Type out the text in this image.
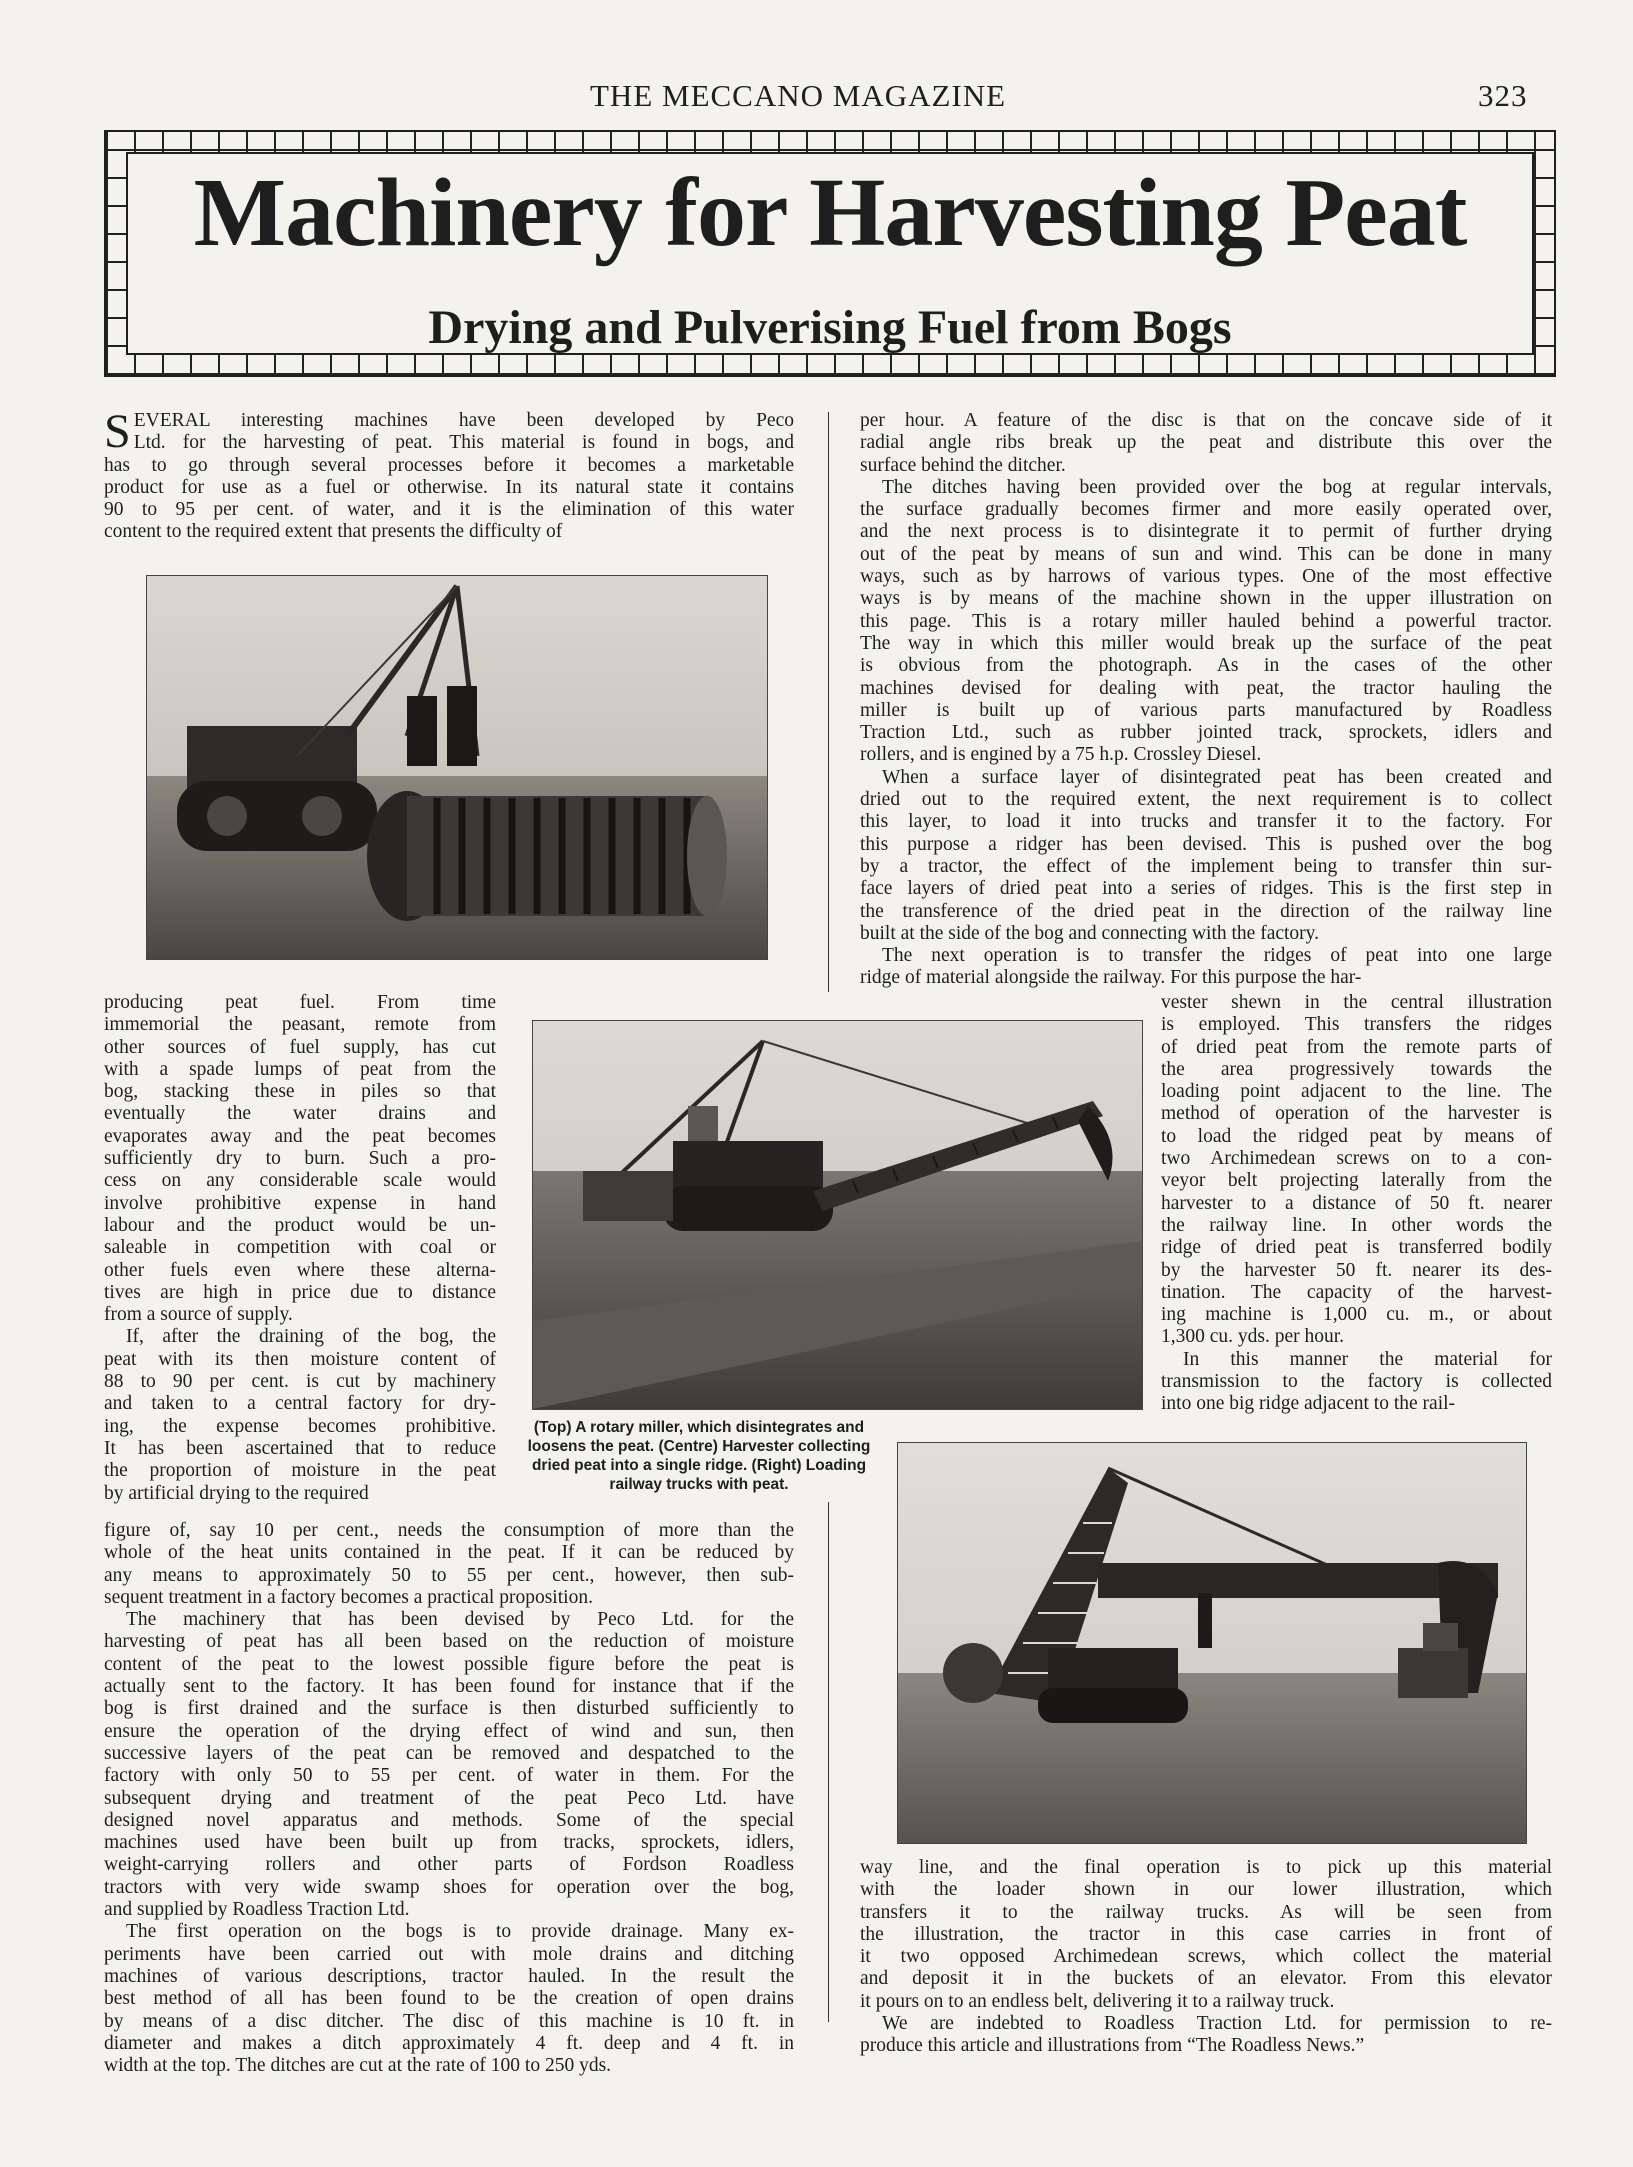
THE MECCANO MAGAZINE	323
Machinery for Harvesting Peat
Drying and Pulverising Fuel from Bogs
S EVERAL interesting machines have been developed by Peco
Ltd. for the harvesting of peat. This material is found in bogs, and
has to go through several processes before it becomes a marketable
product for use as a fuel or otherwise. In its natural state it contains
90 to 95 per cent. of water, and it is the elimination of this water
content to the required extent that presents the difficulty of
producing peat fuel. From time
immemorial the peasant, remote from
other sources of fuel supply, has cut
with a spade lumps of peat from the
bog, stacking these in piles so that
eventually the water drains and
evaporates away and the peat becomes
sufficiently dry to burn. Such a pro-
cess on any considerable scale would
involve prohibitive expense in hand
labour and the product would be un-
saleable in competition with coal or
other fuels even where these alterna-
tives are high in price due to distance
from a source of supply.
If, after the draining of the bog, the
peat with its then moisture content of
88 to 90 per cent. is cut by machinery
and taken to a central factory for dry-
ing, the expense becomes prohibitive.
It has been ascertained that to reduce
the proportion of moisture in the peat
by artificial drying to the required
(Top) A rotary miller, which disintegrates and loosens the peat. (Centre) Harvester collecting dried peat into a single ridge. (Right) Loading railway trucks with peat.
figure of, say 10 per cent., needs the consumption of more than the
whole of the heat units contained in the peat. If it can be reduced by
any means to approximately 50 to 55 per cent., however, then sub-
sequent treatment in a factory becomes a practical proposition.
The machinery that has been devised by Peco Ltd. for the
harvesting of peat has all been based on the reduction of moisture
content of the peat to the lowest possible figure before the peat is
actually sent to the factory. It has been found for instance that if the
bog is first drained and the surface is then disturbed sufficiently to
ensure the operation of the drying effect of wind and sun, then
successive layers of the peat can be removed and despatched to the
factory with only 50 to 55 per cent. of water in them. For the
subsequent drying and treatment of the peat Peco Ltd. have
designed novel apparatus and methods. Some of the special
machines used have been built up from tracks, sprockets, idlers,
weight-carrying rollers and other parts of Fordson Roadless
tractors with very wide swamp shoes for operation over the bog,
and supplied by Roadless Traction Ltd.
The first operation on the bogs is to provide drainage. Many ex-
periments have been carried out with mole drains and ditching
machines of various descriptions, tractor hauled. In the result the
best method of all has been found to be the creation of open drains
by means of a disc ditcher. The disc of this machine is 10 ft. in
diameter and makes a ditch approximately 4 ft. deep and 4 ft. in
width at the top. The ditches are cut at the rate of 100 to 250 yds.
per hour. A feature of the disc is that on the concave side of it
radial angle ribs break up the peat and distribute this over the
surface behind the ditcher.
The ditches having been provided over the bog at regular intervals,
the surface gradually becomes firmer and more easily operated over,
and the next process is to disintegrate it to permit of further drying
out of the peat by means of sun and wind. This can be done in many
ways, such as by harrows of various types. One of the most effective
ways is by means of the machine shown in the upper illustration on
this page. This is a rotary miller hauled behind a powerful tractor.
The way in which this miller would break up the surface of the peat
is obvious from the photograph. As in the cases of the other
machines devised for dealing with peat, the tractor hauling the
miller is built up of various parts manufactured by Roadless
Traction Ltd., such as rubber jointed track, sprockets, idlers and
rollers, and is engined by a 75 h.p. Crossley Diesel.
When a surface layer of disintegrated peat has been created and
dried out to the required extent, the next requirement is to collect
this layer, to load it into trucks and transfer it to the factory. For
this purpose a ridger has been devised. This is pushed over the bog
by a tractor, the effect of the implement being to transfer thin sur-
face layers of dried peat into a series of ridges. This is the first step in
the transference of the dried peat in the direction of the railway line
built at the side of the bog and connecting with the factory.
The next operation is to transfer the ridges of peat into one large
ridge of material alongside the railway. For this purpose the har-
vester shewn in the central illustration
is employed. This transfers the ridges
of dried peat from the remote parts of
the area progressively towards the
loading point adjacent to the line. The
method of operation of the harvester is
to load the ridged peat by means of
two Archimedean screws on to a con-
veyor belt projecting laterally from the
harvester to a distance of 50 ft. nearer
the railway line. In other words the
ridge of dried peat is transferred bodily
by the harvester 50 ft. nearer its des-
tination. The capacity of the harvest-
ing machine is 1,000 cu. m., or about
1,300 cu. yds. per hour.
In this manner the material for
transmission to the factory is collected
into one big ridge adjacent to the rail-
way line, and the final operation is to pick up this material
with the loader shown in our lower illustration, which
transfers it to the railway trucks. As will be seen from
the illustration, the tractor in this case carries in front of
it two opposed Archimedean screws, which collect the material
and deposit it in the buckets of an elevator. From this elevator
it pours on to an endless belt, delivering it to a railway truck.
We are indebted to Roadless Traction Ltd. for permission to re-
produce this article and illustrations from “The Roadless News.”
